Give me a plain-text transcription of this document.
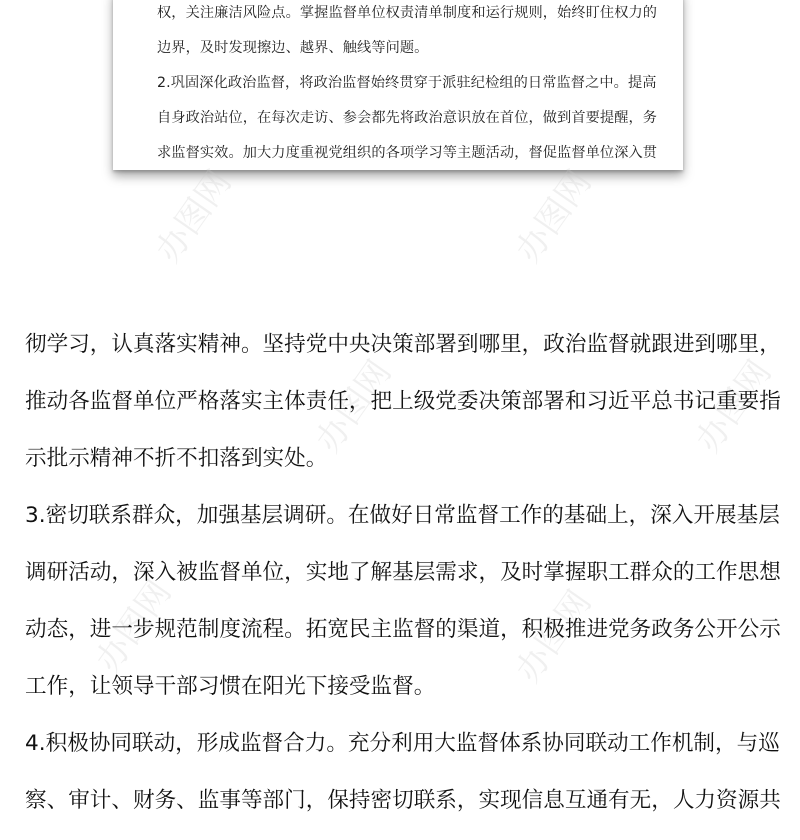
权，关注廉洁风险点。掌握监督单位权责清单制度和运行规则，始终盯住权力的
边界，及时发现擦边、越界、触线等问题。
2.巩固深化政治监督，将政治监督始终贯穿于派驻纪检组的日常监督之中。提高
自身政治站位，在每次走访、参会都先将政治意识放在首位，做到首要提醒，务
求监督实效。加大力度重视党组织的各项学习等主题活动，督促监督单位深入贯
办图网	办图网
办图网	办图网
办图网	办图网
彻学习，认真落实精神。坚持党中央决策部署到哪里，政治监督就跟进到哪里，
推动各监督单位严格落实主体责任，把上级党委决策部署和习近平总书记重要指
示批示精神不折不扣落到实处。
3.密切联系群众，加强基层调研。在做好日常监督工作的基础上，深入开展基层
调研活动，深入被监督单位，实地了解基层需求，及时掌握职工群众的工作思想
动态，进一步规范制度流程。拓宽民主监督的渠道，积极推进党务政务公开公示
工作，让领导干部习惯在阳光下接受监督。
4.积极协同联动，形成监督合力。充分利用大监督体系协同联动工作机制，与巡
察、审计、财务、监事等部门，保持密切联系，实现信息互通有无，人力资源共
